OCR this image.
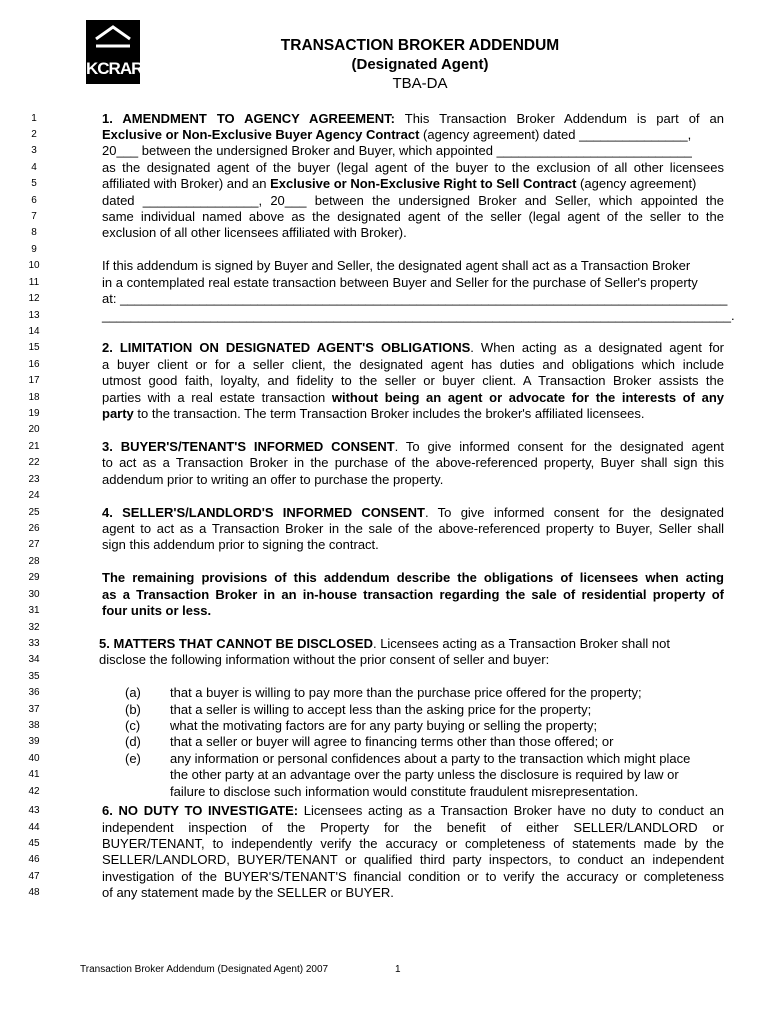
KCRAR
TRANSACTION BROKER ADDENDUM
(Designated Agent)
TBA-DA
1	1. AMENDMENT TO AGENCY AGREEMENT: This Transaction Broker Addendum is part of an
2	Exclusive or Non-Exclusive Buyer Agency Contract (agency agreement) dated _______________,
3	20___ between the undersigned Broker and Buyer, which appointed ___________________________
4	as the designated agent of the buyer (legal agent of the buyer to the exclusion of all other licensees
5	affiliated with Broker) and an Exclusive or Non-Exclusive Right to Sell Contract (agency agreement)
6	dated ________________, 20___ between the undersigned Broker and Seller, which appointed the
7	same individual named above as the designated agent of the seller (legal agent of the seller to the
8	exclusion of all other licensees affiliated with Broker).
9
10	If this addendum is signed by Buyer and Seller, the designated agent shall act as a Transaction Broker
11	in a contemplated real estate transaction between Buyer and Seller for the purchase of Seller's property
12	at: ____________________________________________________________________________________
13	_______________________________________________________________________________________.
14
15	2. LIMITATION ON DESIGNATED AGENT'S OBLIGATIONS. When acting as a designated agent for
16	a buyer client or for a seller client, the designated agent has duties and obligations which include
17	utmost good faith, loyalty, and fidelity to the seller or buyer client. A Transaction Broker assists the
18	parties with a real estate transaction without being an agent or advocate for the interests of any
19	party to the transaction. The term Transaction Broker includes the broker's affiliated licensees.
20
21	3. BUYER'S/TENANT'S INFORMED CONSENT. To give informed consent for the designated agent
22	to act as a Transaction Broker in the purchase of the above-referenced property, Buyer shall sign this
23	addendum prior to writing an offer to purchase the property.
24
25	4. SELLER'S/LANDLORD'S INFORMED CONSENT. To give informed consent for the designated
26	agent to act as a Transaction Broker in the sale of the above-referenced property to Buyer, Seller shall
27	sign this addendum prior to signing the contract.
28
29	The remaining provisions of this addendum describe the obligations of licensees when acting
30	as a Transaction Broker in an in-house transaction regarding the sale of residential property of
31	four units or less.
32
33	5. MATTERS THAT CANNOT BE DISCLOSED. Licensees acting as a Transaction Broker shall not
34	disclose the following information without the prior consent of seller and buyer:
35
36	(a) that a buyer is willing to pay more than the purchase price offered for the property;
37	(b) that a seller is willing to accept less than the asking price for the property;
38	(c) what the motivating factors are for any party buying or selling the property;
39	(d) that a seller or buyer will agree to financing terms other than those offered; or
40	(e) any information or personal confidences about a party to the transaction which might place
41	the other party at an advantage over the party unless the disclosure is required by law or
42	failure to disclose such information would constitute fraudulent misrepresentation.
43	6. NO DUTY TO INVESTIGATE: Licensees acting as a Transaction Broker have no duty to conduct an
44	independent inspection of the Property for the benefit of either SELLER/LANDLORD or
45	BUYER/TENANT, to independently verify the accuracy or completeness of statements made by the
46	SELLER/LANDLORD, BUYER/TENANT or qualified third party inspectors, to conduct an independent
47	investigation of the BUYER'S/TENANT'S financial condition or to verify the accuracy or completeness
48	of any statement made by the SELLER or BUYER.
Transaction Broker Addendum (Designated Agent) 2007	1
